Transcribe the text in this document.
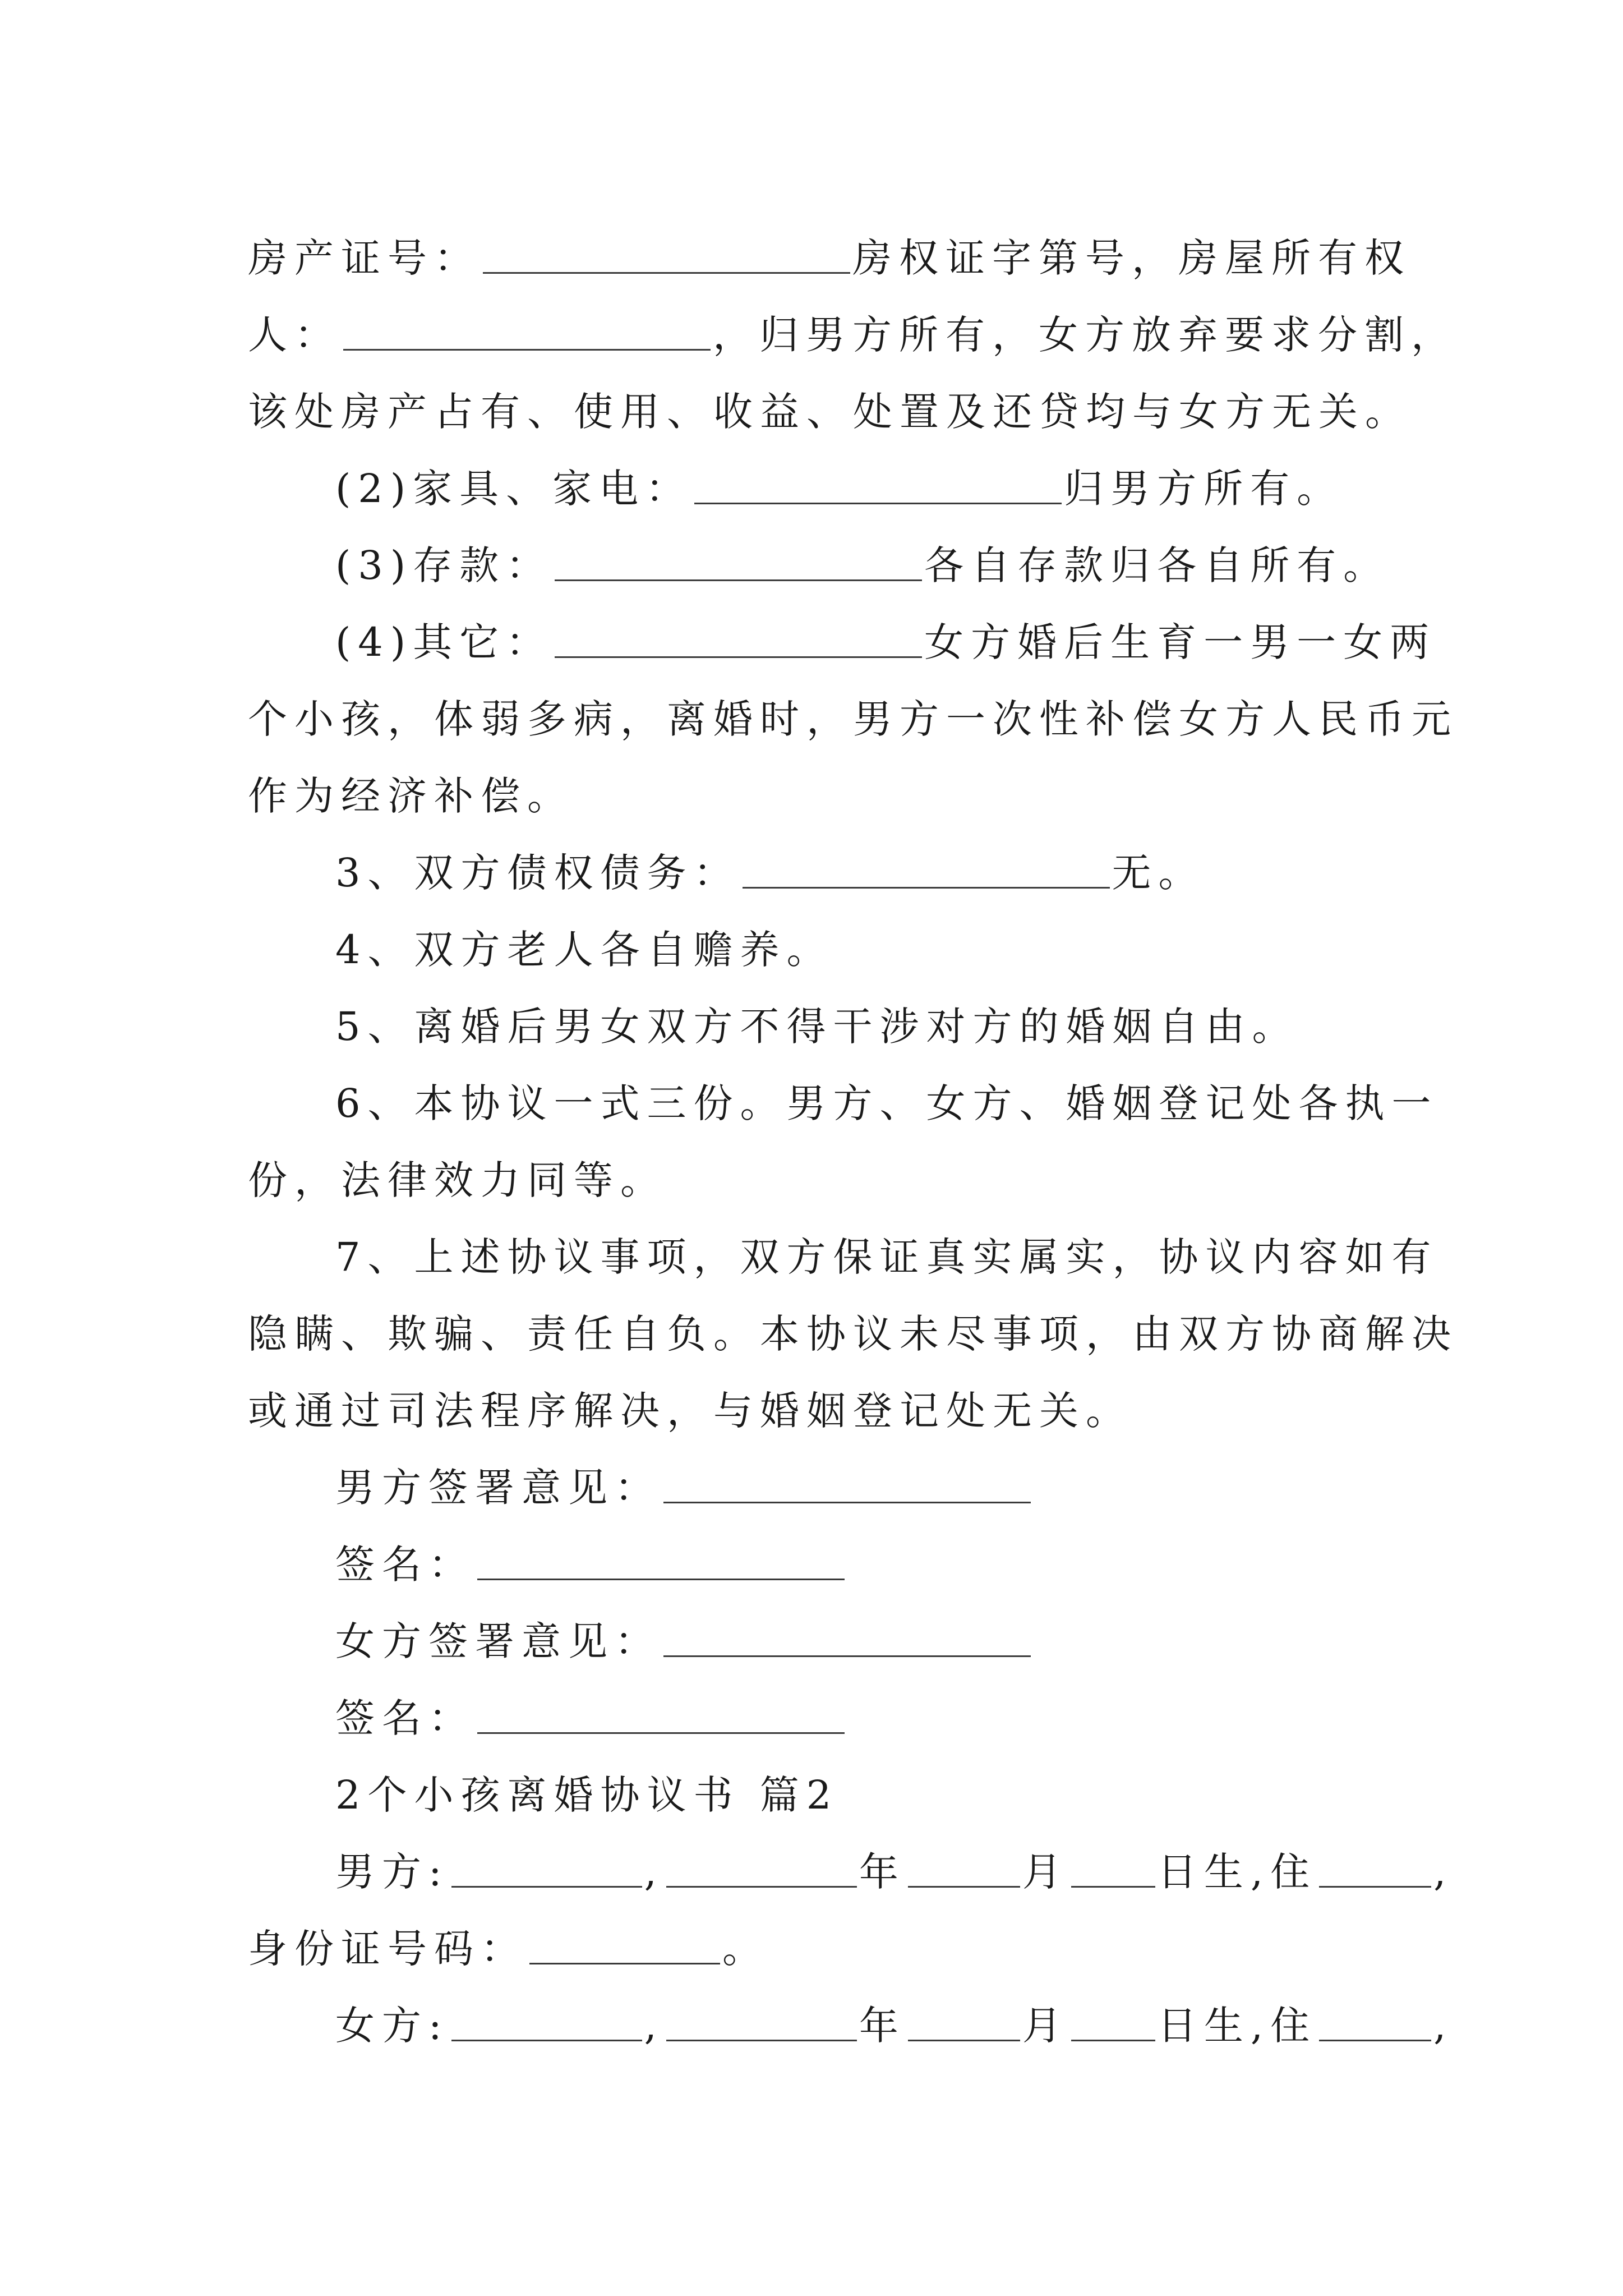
房产证号：	房权证字第号，房屋所有权
人：	，归男方所有，女方放弃要求分割，
该处房产占有、使用、收益、处置及还贷均与女方无关。
(2)家具、家电：	归男方所有。
(3)存款：	各自存款归各自所有。
(4)其它：	女方婚后生育一男一女两
个小孩，体弱多病，离婚时，男方一次性补偿女方人民币元
作为经济补偿。
3、双方债权债务：	无。
4、双方老人各自赡养。
5、离婚后男女双方不得干涉对方的婚姻自由。
6、本协议一式三份。男方、女方、婚姻登记处各执一
份，法律效力同等。
7、上述协议事项，双方保证真实属实，协议内容如有
隐瞒、欺骗、责任自负。本协议未尽事项，由双方协商解决
或通过司法程序解决，与婚姻登记处无关。
男方签署意见：
签名：
女方签署意见：
签名：
2个小孩离婚协议书 篇2
男方:	,	年	月 日生,住	,
身份证号码：	。
女方:	,	年	月 日生,住	,
